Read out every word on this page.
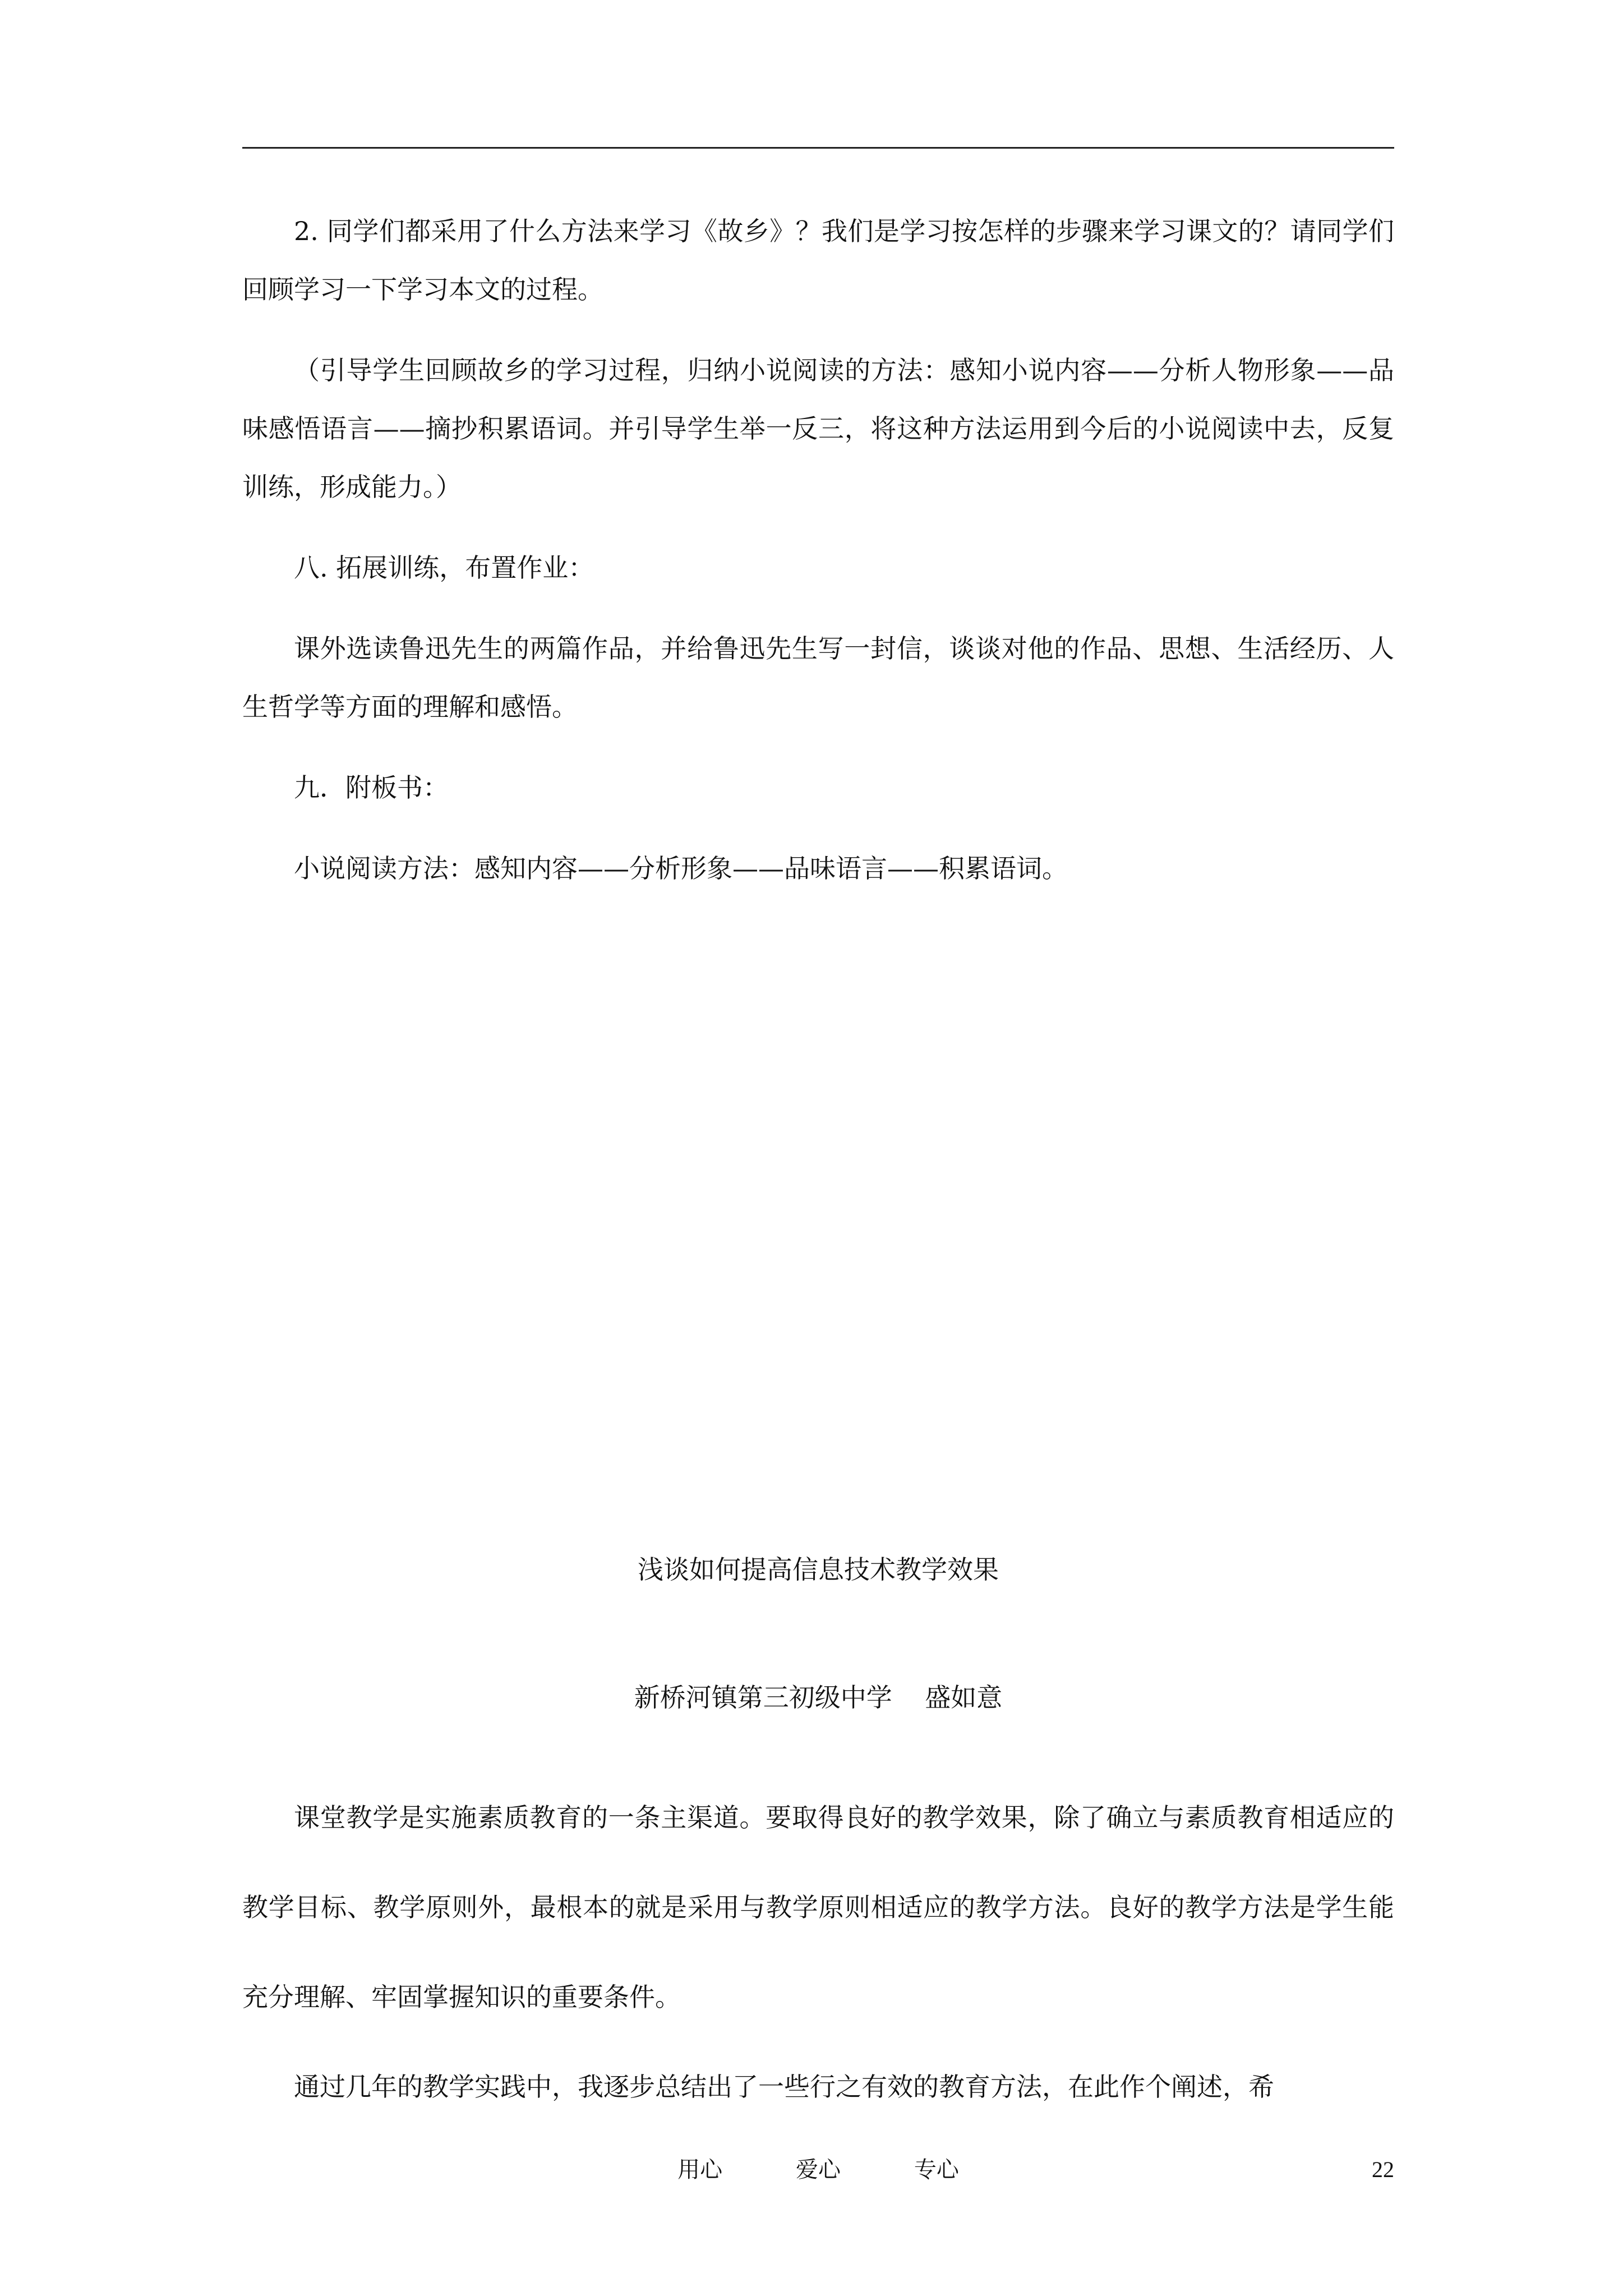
2. 同学们都采用了什么方法来学习《故乡》？我们是学习按怎样的步骤来学习课文的？请同学们回顾学习一下学习本文的过程。

（引导学生回顾故乡的学习过程，归纳小说阅读的方法：感知小说内容——分析人物形象——品味感悟语言——摘抄积累语词。并引导学生举一反三，将这种方法运用到今后的小说阅读中去，反复训练，形成能力。）

八. 拓展训练，布置作业：

课外选读鲁迅先生的两篇作品，并给鲁迅先生写一封信，谈谈对他的作品、思想、生活经历、人生哲学等方面的理解和感悟。

九．附板书：

小说阅读方法：感知内容——分析形象——品味语言——积累语词。

浅谈如何提高信息技术教学效果
新桥河镇第三初级中学    盛如意

课堂教学是实施素质教育的一条主渠道。要取得良好的教学效果，除了确立与素质教育相适应的教学目标、教学原则外，最根本的就是采用与教学原则相适应的教学方法。良好的教学方法是学生能充分理解、牢固掌握知识的重要条件。

通过几年的教学实践中，我逐步总结出了一些行之有效的教育方法，在此作个阐述，希

用心    爱心    专心	22
